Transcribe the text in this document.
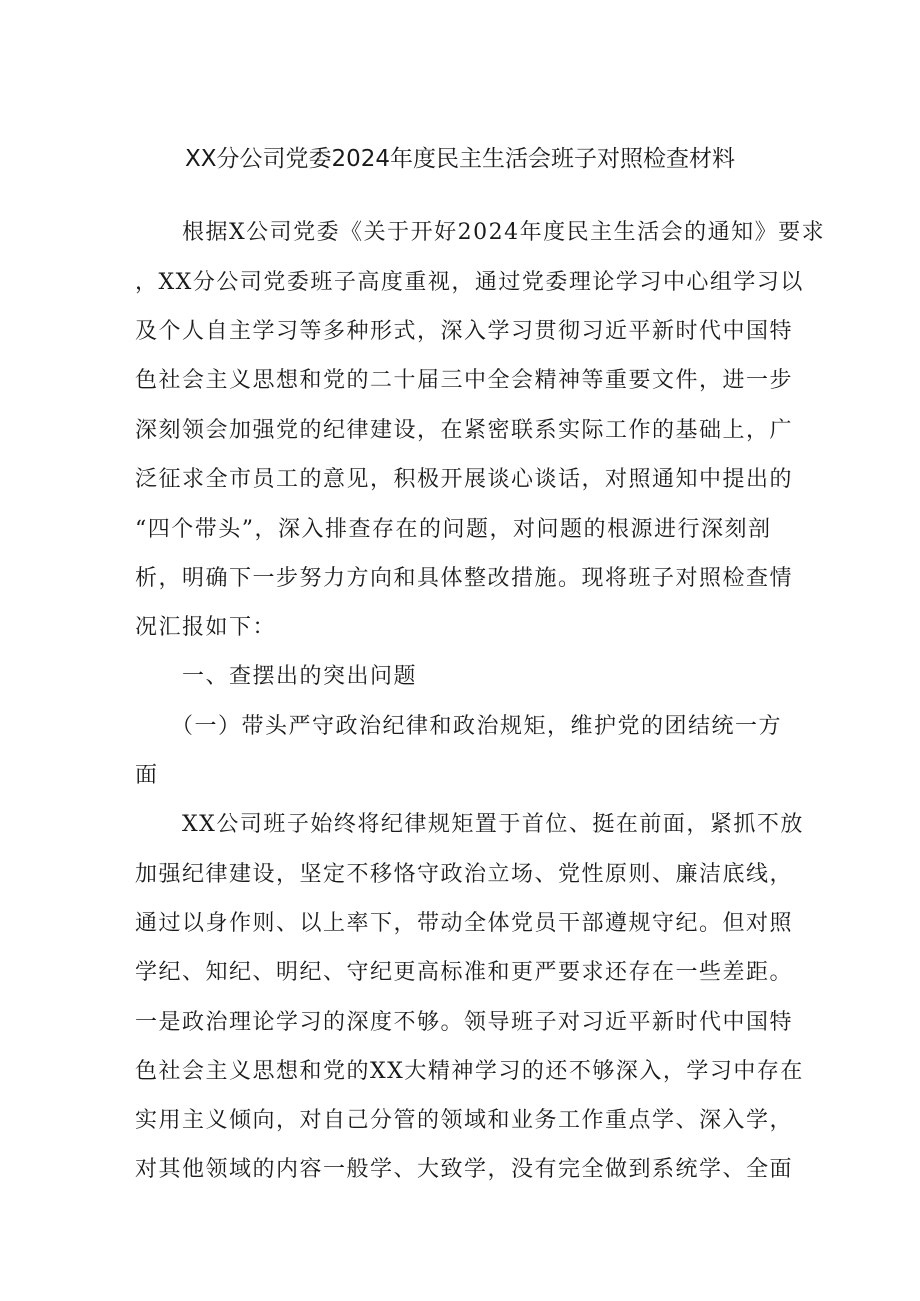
XX分公司党委2024年度民主生活会班子对照检查材料
　　根据X公司党委《关于开好2024年度民主生活会的通知》要求
，XX分公司党委班子高度重视，通过党委理论学习中心组学习以
及个人自主学习等多种形式，深入学习贯彻习近平新时代中国特
色社会主义思想和党的二十届三中全会精神等重要文件，进一步
深刻领会加强党的纪律建设，在紧密联系实际工作的基础上，广
泛征求全市员工的意见，积极开展谈心谈话，对照通知中提出的
“四个带头”，深入排查存在的问题，对问题的根源进行深刻剖
析，明确下一步努力方向和具体整改措施。现将班子对照检查情
况汇报如下：
　　一、查摆出的突出问题
　　（一）带头严守政治纪律和政治规矩，维护党的团结统一方
面
　　XX公司班子始终将纪律规矩置于首位、挺在前面，紧抓不放
加强纪律建设，坚定不移恪守政治立场、党性原则、廉洁底线，
通过以身作则、以上率下，带动全体党员干部遵规守纪。但对照
学纪、知纪、明纪、守纪更高标准和更严要求还存在一些差距。
一是政治理论学习的深度不够。领导班子对习近平新时代中国特
色社会主义思想和党的XX大精神学习的还不够深入，学习中存在
实用主义倾向，对自己分管的领域和业务工作重点学、深入学，
对其他领域的内容一般学、大致学，没有完全做到系统学、全面
